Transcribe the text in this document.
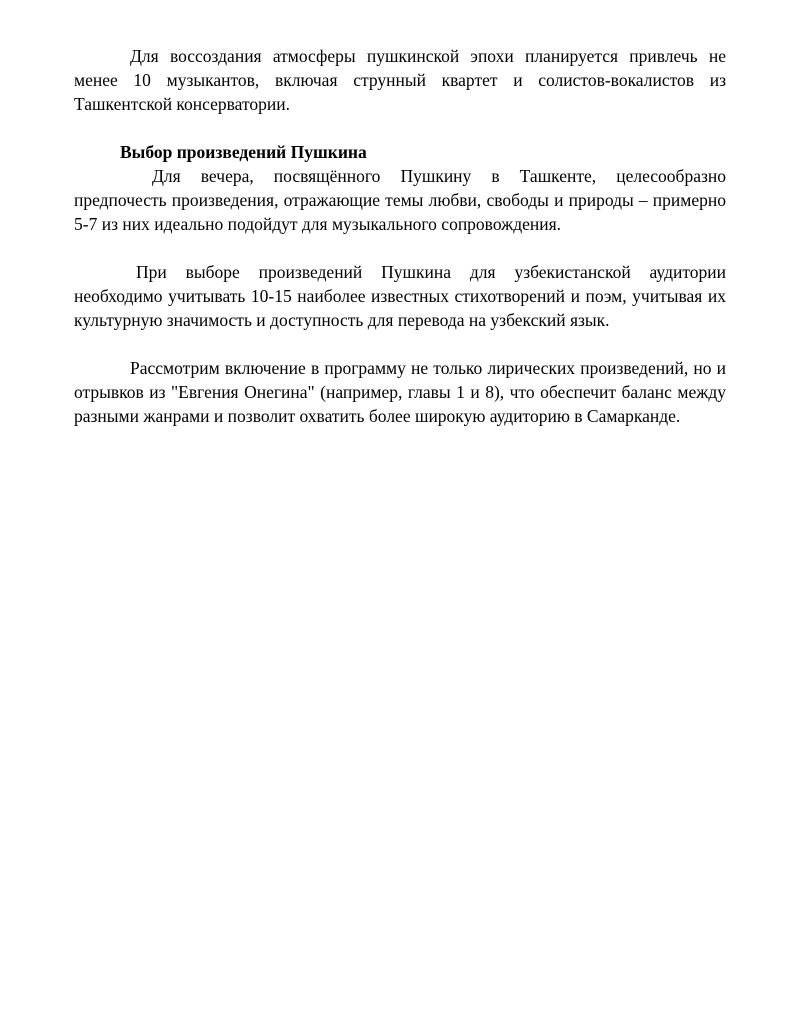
Для воссоздания атмосферы пушкинской эпохи планируется привлечь не менее 10 музыкантов, включая струнный квартет и солистов-вокалистов из Ташкентской консерватории.

Выбор произведений Пушкина

Для вечера, посвящённого Пушкину в Ташкенте, целесообразно предпочесть произведения, отражающие темы любви, свободы и природы – примерно 5-7 из них идеально подойдут для музыкального сопровождения.

При выборе произведений Пушкина для узбекистанской аудитории необходимо учитывать 10-15 наиболее известных стихотворений и поэм, учитывая их культурную значимость и доступность для перевода на узбекский язык.

Рассмотрим включение в программу не только лирических произведений, но и отрывков из "Евгения Онегина" (например, главы 1 и 8), что обеспечит баланс между разными жанрами и позволит охватить более широкую аудиторию в Самарканде.
